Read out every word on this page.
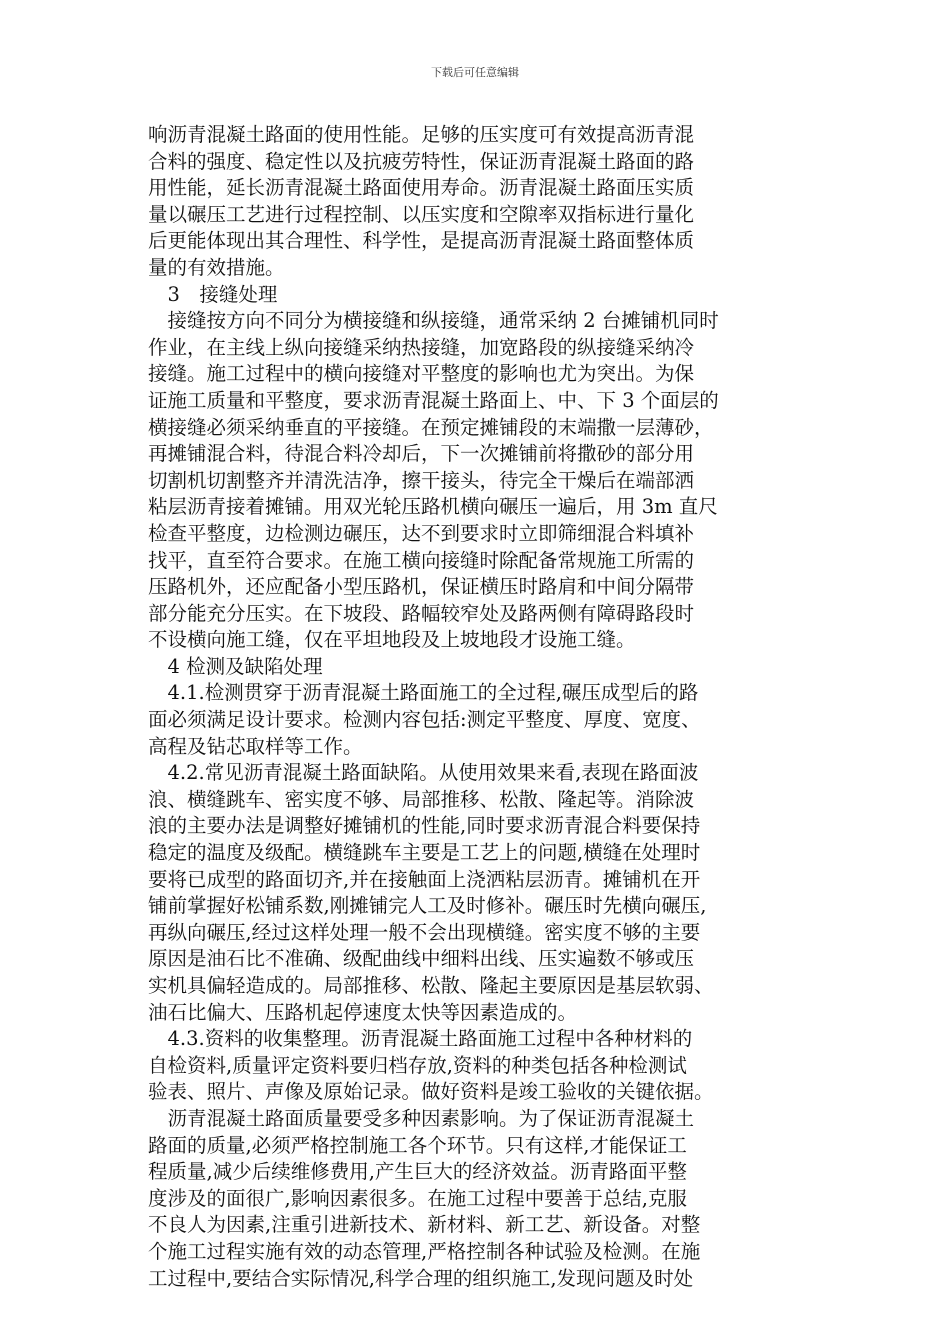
下载后可任意编辑
响沥青混凝土路面的使用性能。足够的压实度可有效提高沥青混
合料的强度、稳定性以及抗疲劳特性，保证沥青混凝土路面的路
用性能，延长沥青混凝土路面使用寿命。沥青混凝土路面压实质
量以碾压工艺进行过程控制、以压实度和空隙率双指标进行量化
后更能体现出其合理性、科学性，是提高沥青混凝土路面整体质
量的有效措施。
　3　接缝处理
　接缝按方向不同分为横接缝和纵接缝，通常采纳 2 台摊铺机同时
作业，在主线上纵向接缝采纳热接缝，加宽路段的纵接缝采纳冷
接缝。施工过程中的横向接缝对平整度的影响也尤为突出。为保
证施工质量和平整度，要求沥青混凝土路面上、中、下 3 个面层的
横接缝必须采纳垂直的平接缝。在预定摊铺段的末端撒一层薄砂，
再摊铺混合料，待混合料冷却后，下一次摊铺前将撒砂的部分用
切割机切割整齐并清洗洁净，擦干接头，待完全干燥后在端部洒
粘层沥青接着摊铺。用双光轮压路机横向碾压一遍后，用 3m 直尺
检查平整度，边检测边碾压，达不到要求时立即筛细混合料填补
找平，直至符合要求。在施工横向接缝时除配备常规施工所需的
压路机外，还应配备小型压路机，保证横压时路肩和中间分隔带
部分能充分压实。在下坡段、路幅较窄处及路两侧有障碍路段时
不设横向施工缝，仅在平坦地段及上坡地段才设施工缝。
　4 检测及缺陷处理
　4.1.检测贯穿于沥青混凝土路面施工的全过程,碾压成型后的路
面必须满足设计要求。检测内容包括:测定平整度、厚度、宽度、
高程及钻芯取样等工作。
　4.2.常见沥青混凝土路面缺陷。从使用效果来看,表现在路面波
浪、横缝跳车、密实度不够、局部推移、松散、隆起等。消除波
浪的主要办法是调整好摊铺机的性能,同时要求沥青混合料要保持
稳定的温度及级配。横缝跳车主要是工艺上的问题,横缝在处理时
要将已成型的路面切齐,并在接触面上浇洒粘层沥青。摊铺机在开
铺前掌握好松铺系数,刚摊铺完人工及时修补。碾压时先横向碾压,
再纵向碾压,经过这样处理一般不会出现横缝。密实度不够的主要
原因是油石比不准确、级配曲线中细料出线、压实遍数不够或压
实机具偏轻造成的。局部推移、松散、隆起主要原因是基层软弱、
油石比偏大、压路机起停速度太快等因素造成的。
　4.3.资料的收集整理。沥青混凝土路面施工过程中各种材料的
自检资料,质量评定资料要归档存放,资料的种类包括各种检测试
验表、照片、声像及原始记录。做好资料是竣工验收的关键依据。
　沥青混凝土路面质量要受多种因素影响。为了保证沥青混凝土
路面的质量,必须严格控制施工各个环节。只有这样,才能保证工
程质量,减少后续维修费用,产生巨大的经济效益。沥青路面平整
度涉及的面很广,影响因素很多。在施工过程中要善于总结,克服
不良人为因素,注重引进新技术、新材料、新工艺、新设备。对整
个施工过程实施有效的动态管理,严格控制各种试验及检测。在施
工过程中,要结合实际情况,科学合理的组织施工,发现问题及时处
